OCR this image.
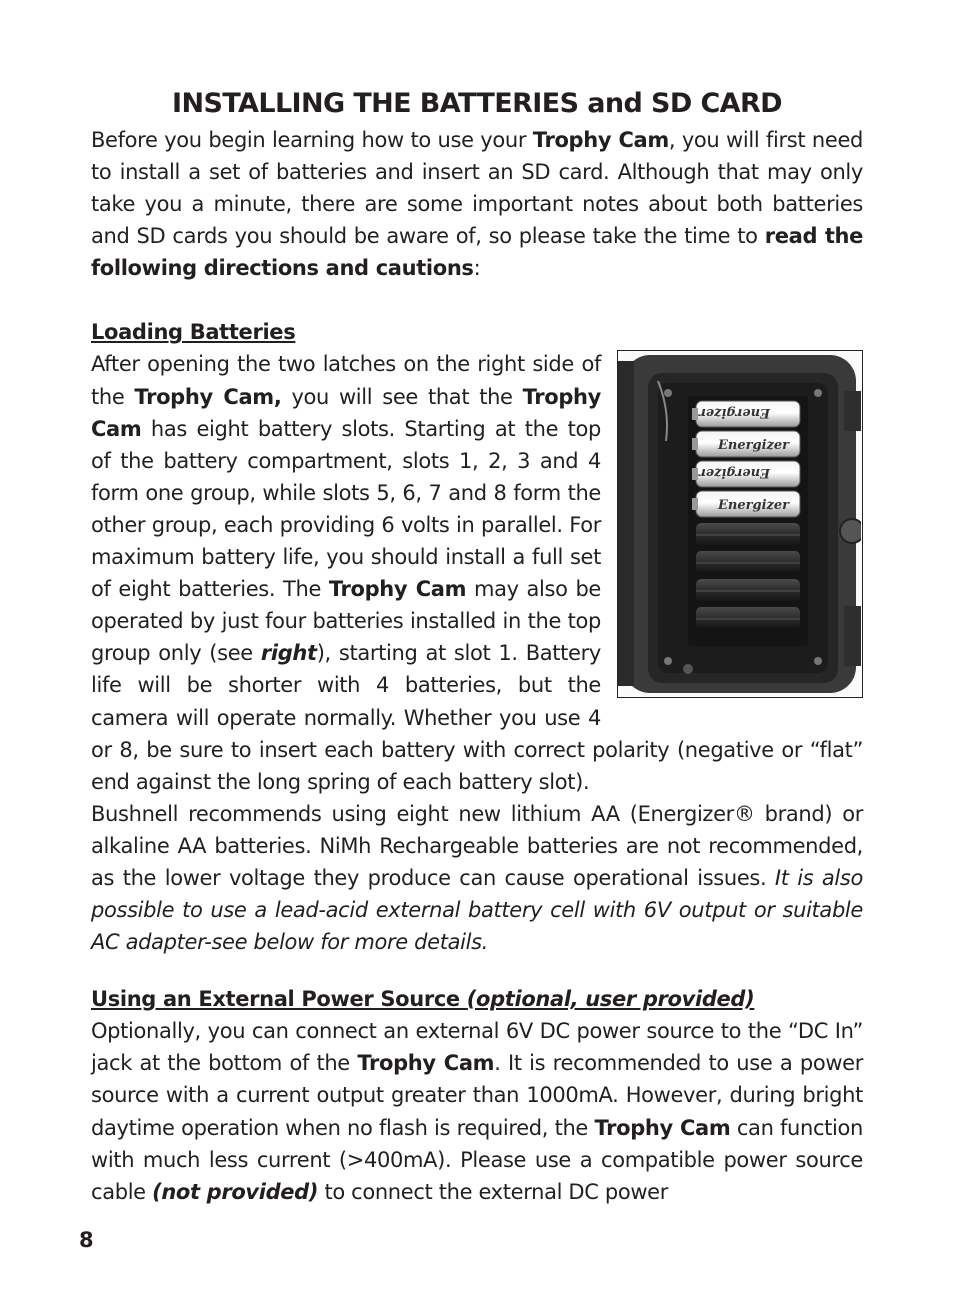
INSTALLING THE BATTERIES and SD CARD

Before you begin learning how to use your Trophy Cam, you will first need to install a set of batteries and insert an SD card. Although that may only take you a minute, there are some important notes about both batteries and SD cards you should be aware of, so please take the time to read the following directions and cautions:

Loading Batteries
Energizer
Energizer
Energizer
Energizer

After opening the two latches on the right side of the Trophy Cam, you will see that the Trophy Cam has eight battery slots. Starting at the top of the battery compartment, slots 1, 2, 3 and 4 form one group, while slots 5, 6, 7 and 8 form the other group, each providing 6 volts in parallel. For maximum battery life, you should install a full set of eight batteries. The Trophy Cam may also be operated by just four batteries installed in the top group only (see right), starting at slot 1. Battery life will be shorter with 4 batteries, but the camera will operate normally. Whether you use 4 or 8, be sure to insert each battery with correct polarity (negative or “flat” end against the long spring of each battery slot).

Bushnell recommends using eight new lithium AA (Energizer® brand) or alkaline AA batteries. NiMh Rechargeable batteries are not recommended, as the lower voltage they produce can cause operational issues. It is also possible to use a lead-acid external battery cell with 6V output or suitable AC adapter-see below for more details.

Using an External Power Source (optional, user provided)

Optionally, you can connect an external 6V DC power source to the “DC In” jack at the bottom of the Trophy Cam. It is recommended to use a power source with a current output greater than 1000mA. However, during bright daytime operation when no flash is required, the Trophy Cam can function with much less current (>400mA). Please use a compatible power source cable (not provided) to connect the external DC power

8
